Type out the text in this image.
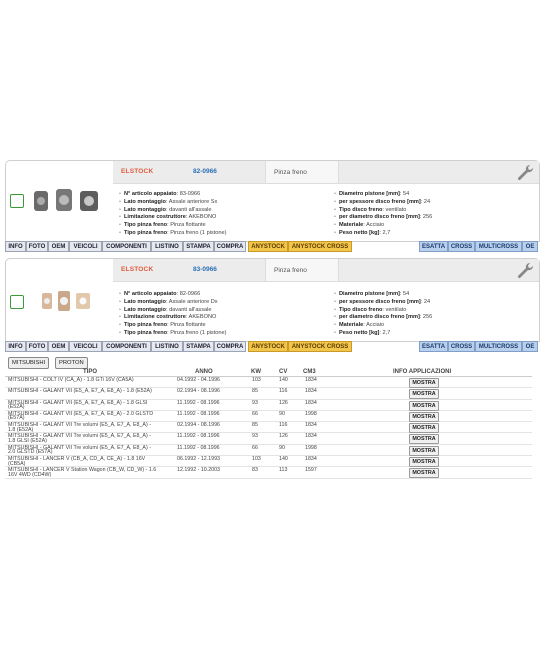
ELSTOCK	82-0966	Pinza freno
• N° articolo appaiato: 83-0966
• Lato montaggio: Assale anteriore Sx
• Lato montaggio: davanti all'assale
• Limitazione costruttore: AKEBONO
• Tipo pinza freno: Pinza flottante
• Tipo pinza freno: Pinza freno (1 pistone)
• Diametro pistone [mm]: 54
• per spessore disco freno [mm]: 24
• Tipo disco freno: ventilato
• per diametro disco freno [mm]: 256
• Materiale: Acciaio
• Peso netto [kg]: 2,7
INFO	FOTO	OEM	VEICOLI	COMPONENTI	LISTINO	STAMPA COMPRA	ANYSTOCK	ANYSTOCK CROSS	ESATTA CROSS	MULTICROSS	OE
ELSTOCK	83-0966	Pinza freno
• N° articolo appaiato: 82-0966
• Lato montaggio: Assale anteriore Dx
• Lato montaggio: davanti all'assale
• Limitazione costruttore: AKEBONO
• Tipo pinza freno: Pinza flottante
• Tipo pinza freno: Pinza freno (1 pistone)
• Diametro pistone [mm]: 54
• per spessore disco freno [mm]: 24
• Tipo disco freno: ventilato
• per diametro disco freno [mm]: 256
• Materiale: Acciaio
• Peso netto [kg]: 2,7
INFO	FOTO	OEM	VEICOLI	COMPONENTI	LISTINO	STAMPA COMPRA	ANYSTOCK	ANYSTOCK CROSS	ESATTA CROSS	MULTICROSS	OE
MITSUBISHI	PROTON
TIPO	ANNO	KW	CV	CM3	INFO APPLICAZIONI
MITSUBISHI - COLT IV (CA_A) - 1.8 GTi 16V (CA5A)	04.1992 - 04.1996	103	140	1834	MOSTRA
MITSUBISHI - GALANT VII (E5_A, E7_A, E8_A) - 1.8 (E52A)	02.1994 - 08.1996	85	116	1834	MOSTRA
MITSUBISHI - GALANT VII (E5_A, E7_A, E8_A) - 1.8 GLSI (E52A)
11.1992 - 08.1996	93	126	1834	MOSTRA
MITSUBISHI - GALANT VII (E5_A, E7_A, E8_A) - 2.0 GLSTD (E57A)
11.1992 - 08.1996	66	90	1998	MOSTRA
MITSUBISHI - GALANT VII Tre volumi (E5_A, E7_A, E8_A) - 1.8 (E52A)
02.1994 - 08.1996	85	116	1834	MOSTRA
MITSUBISHI - GALANT VII Tre volumi (E5_A, E7_A, E8_A) - 1.8 GLSI (E52A)
11.1992 - 08.1996	93	126	1834	MOSTRA
MITSUBISHI - GALANT VII Tre volumi (E5_A, E7_A, E8_A) - 2.0 GLSTD (E57A)
11.1992 - 08.1996	66	90	1998	MOSTRA
MITSUBISHI - LANCER V (CB_A, CD_A, CE_A) - 1.8 16V (CB5A)
06.1992 - 12.1993	103	140	1834	MOSTRA
MITSUBISHI - LANCER V Station Wagon (CB_W, CD_W) - 1.6 16V 4WD (CD4W)
12.1992 - 10.2003	83	113	1597	MOSTRA
